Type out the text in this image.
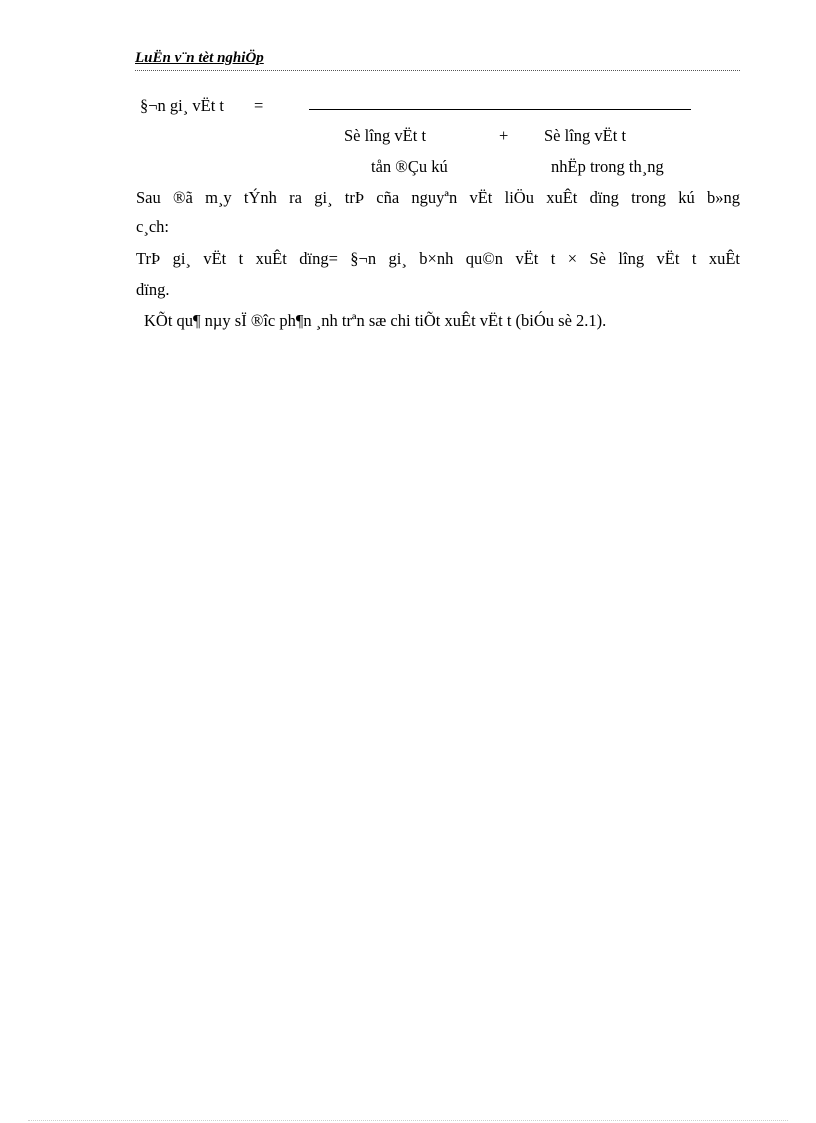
LuËn v¨n tèt nghiÖp
§¬n gi¸ vËt t =
Sè lîng vËt t	+ Sè lîng vËt t
tån ®Çu kú	nhËp trong th¸ng
Sau ®ã m¸y tÝnh ra gi¸ trÞ cña nguyªn vËt liÖu xuÊt dïng trong kú b»ng
c¸ch:
TrÞ gi¸ vËt t xuÊt dïng= §¬n gi¸ b×nh qu©n vËt t × Sè lîng vËt t xuÊt
dïng.
KÕt qu¶ nµy sÏ ®îc ph¶n ¸nh trªn sæ chi tiÕt xuÊt vËt t (biÓu sè 2.1).
